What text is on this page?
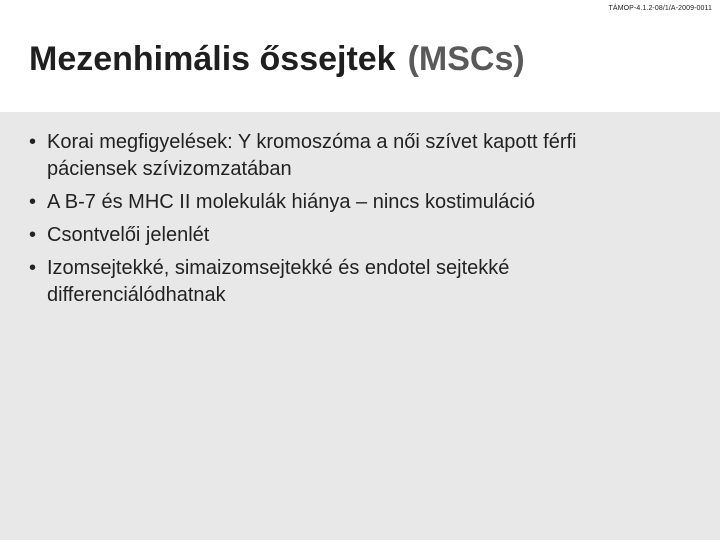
TÁMOP-4.1.2-08/1/A-2009-0011
Mezenhimális őssejtek (MSCs)
• Korai megfigyelések: Y kromoszóma a női szívet kapott férfi páciensek szívizomzatában
• A B-7 és MHC II molekulák hiánya – nincs kostimuláció
• Csontvelői jelenlét
• Izomsejtekké, simaizomsejtekké és endotel sejtekké differenciálódhatnak
